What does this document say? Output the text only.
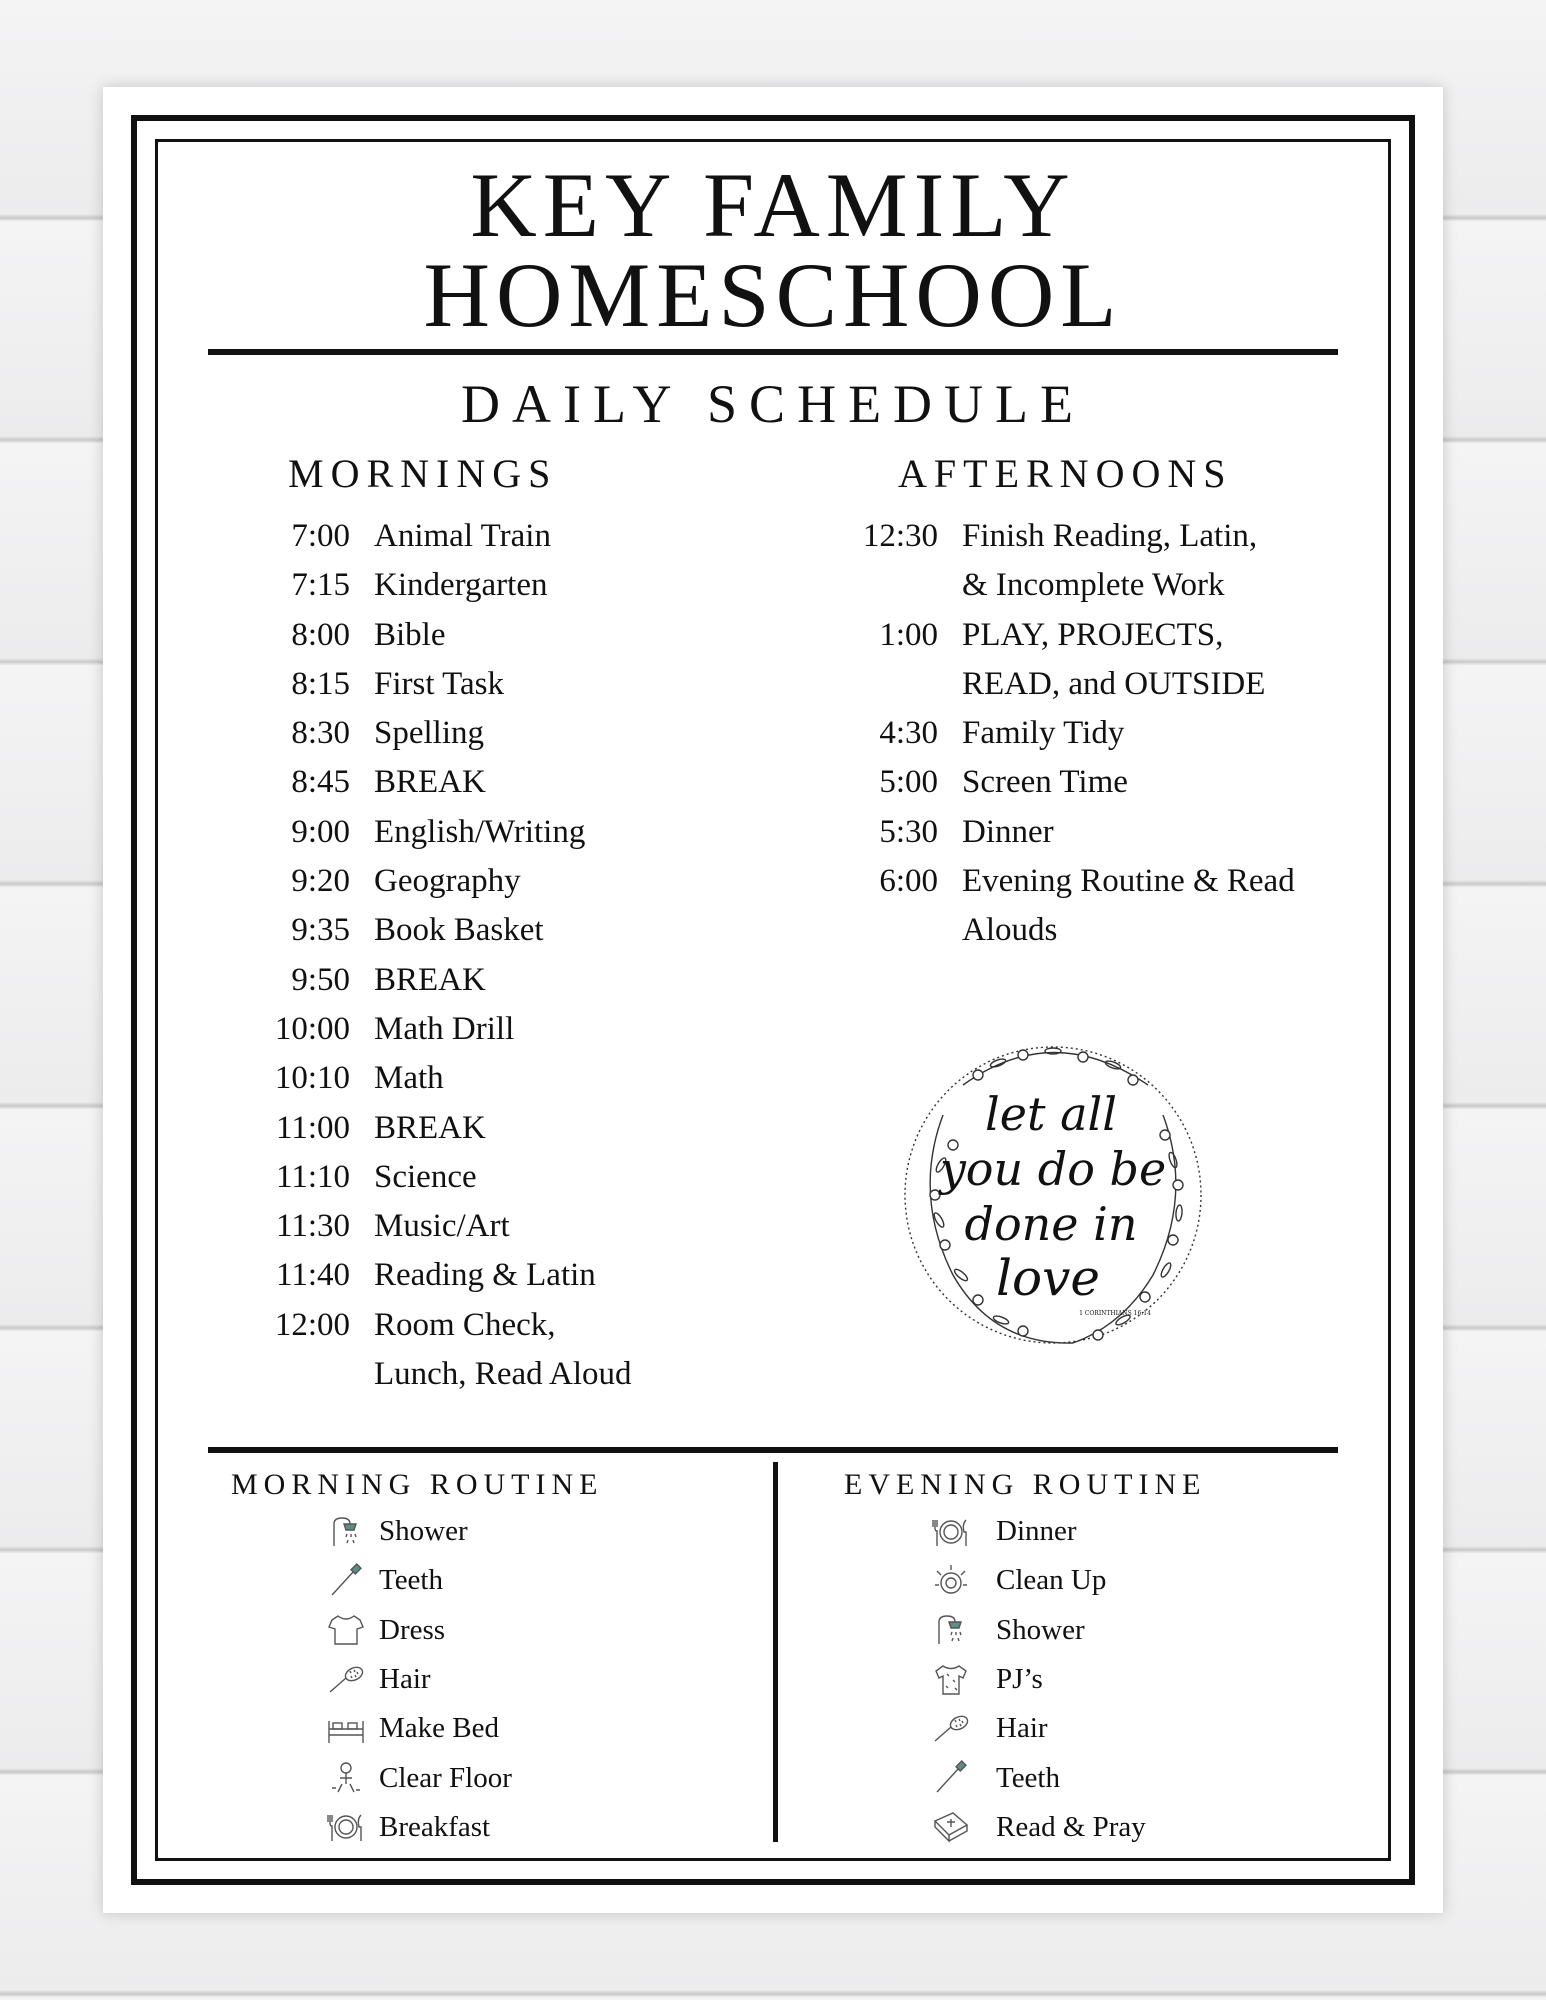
KEY FAMILY
HOMESCHOOL
DAILY SCHEDULE
MORNINGS	AFTERNOONS
7:00 Animal Train
7:15 Kindergarten
8:00 Bible
8:15 First Task
8:30 Spelling
8:45 BREAK
9:00 English/Writing
9:20 Geography
9:35 Book Basket
9:50 BREAK
10:00 Math Drill
10:10 Math
11:00 BREAK
11:10 Science
11:30 Music/Art
11:40 Reading & Latin
12:00 Room Check,
Lunch, Read Aloud
12:30 Finish Reading, Latin,
& Incomplete Work
1:00 PLAY, PROJECTS,
READ, and OUTSIDE
4:30 Family Tidy
5:00 Screen Time
5:30 Dinner
6:00 Evening Routine & Read
Alouds
let all
you do be
done in
love
1 CORINTHIANS 16:14
MORNING ROUTINE	EVENING ROUTINE
Shower
Teeth
Dress
Hair
Make Bed
Clear Floor
Breakfast
Dinner
Clean Up
Shower
PJ’s
Hair
Teeth
Read & Pray
